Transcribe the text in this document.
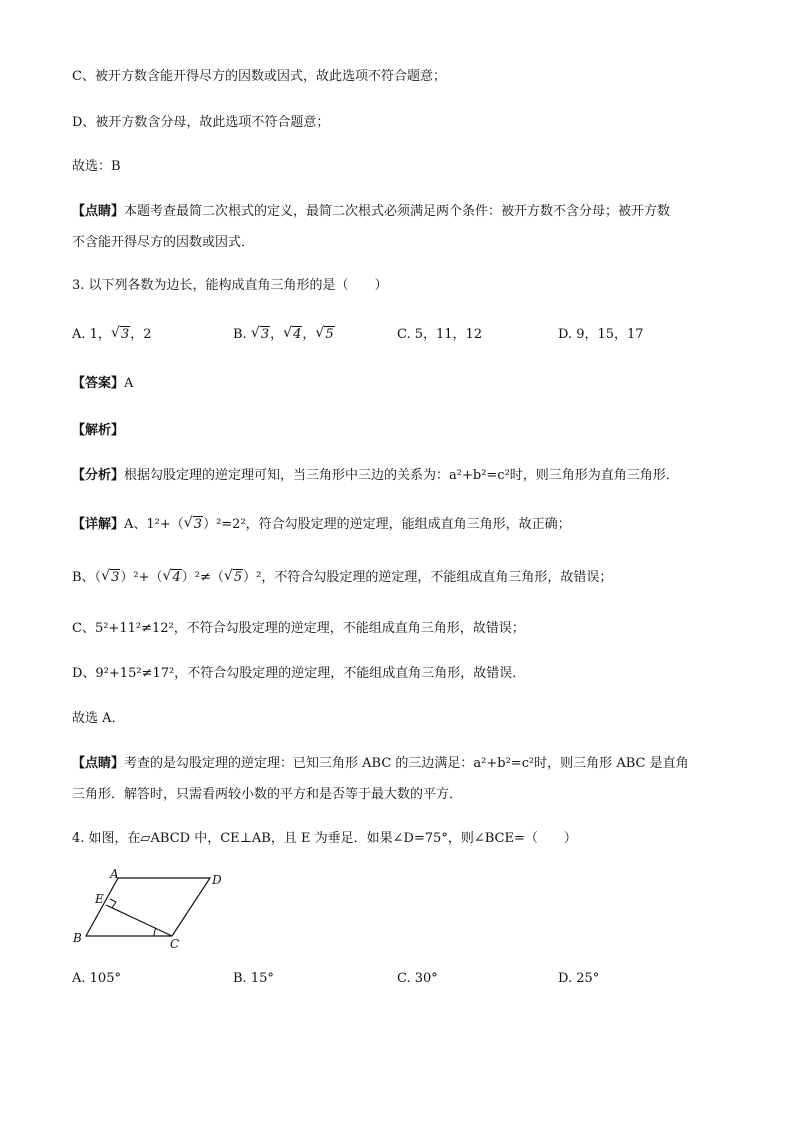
C、被开方数含能开得尽方的因数或因式，故此选项不符合题意；
D、被开方数含分母，故此选项不符合题意；
故选：B
【点睛】本题考查最简二次根式的定义，最简二次根式必须满足两个条件：被开方数不含分母；被开方数
不含能开得尽方的因数或因式．
3. 以下列各数为边长，能构成直角三角形的是（　　）
A. 1， √ 3，2	B. √ 3， √ 4， √ 5	C. 5，11，12	D. 9，15，17
【答案】A
【解析】
【分析】根据勾股定理的逆定理可知，当三角形中三边的关系为：a²+b²=c²时，则三角形为直角三角形．
【详解】A、1²+（ √ 3）²=2²，符合勾股定理的逆定理，能组成直角三角形，故正确；
B、（ √ 3）²+（ √ 4）²≠（ √ 5）²，不符合勾股定理的逆定理，不能组成直角三角形，故错误；
C、5²+11²≠12²，不符合勾股定理的逆定理，不能组成直角三角形，故错误；
D、9²+15²≠17²，不符合勾股定理的逆定理，不能组成直角三角形，故错误．
故选 A．
【点睛】考查的是勾股定理的逆定理：已知三角形 ABC 的三边满足：a²+b²=c²时，则三角形 ABC 是直角
三角形．解答时，只需看两较小数的平方和是否等于最大数的平方．
4. 如图，在▱ABCD 中，CE⊥AB，且 E 为垂足．如果∠D=75°，则∠BCE=（　　）
A	D
E
B	C
A. 105°	B. 15°	C. 30°	D. 25°
